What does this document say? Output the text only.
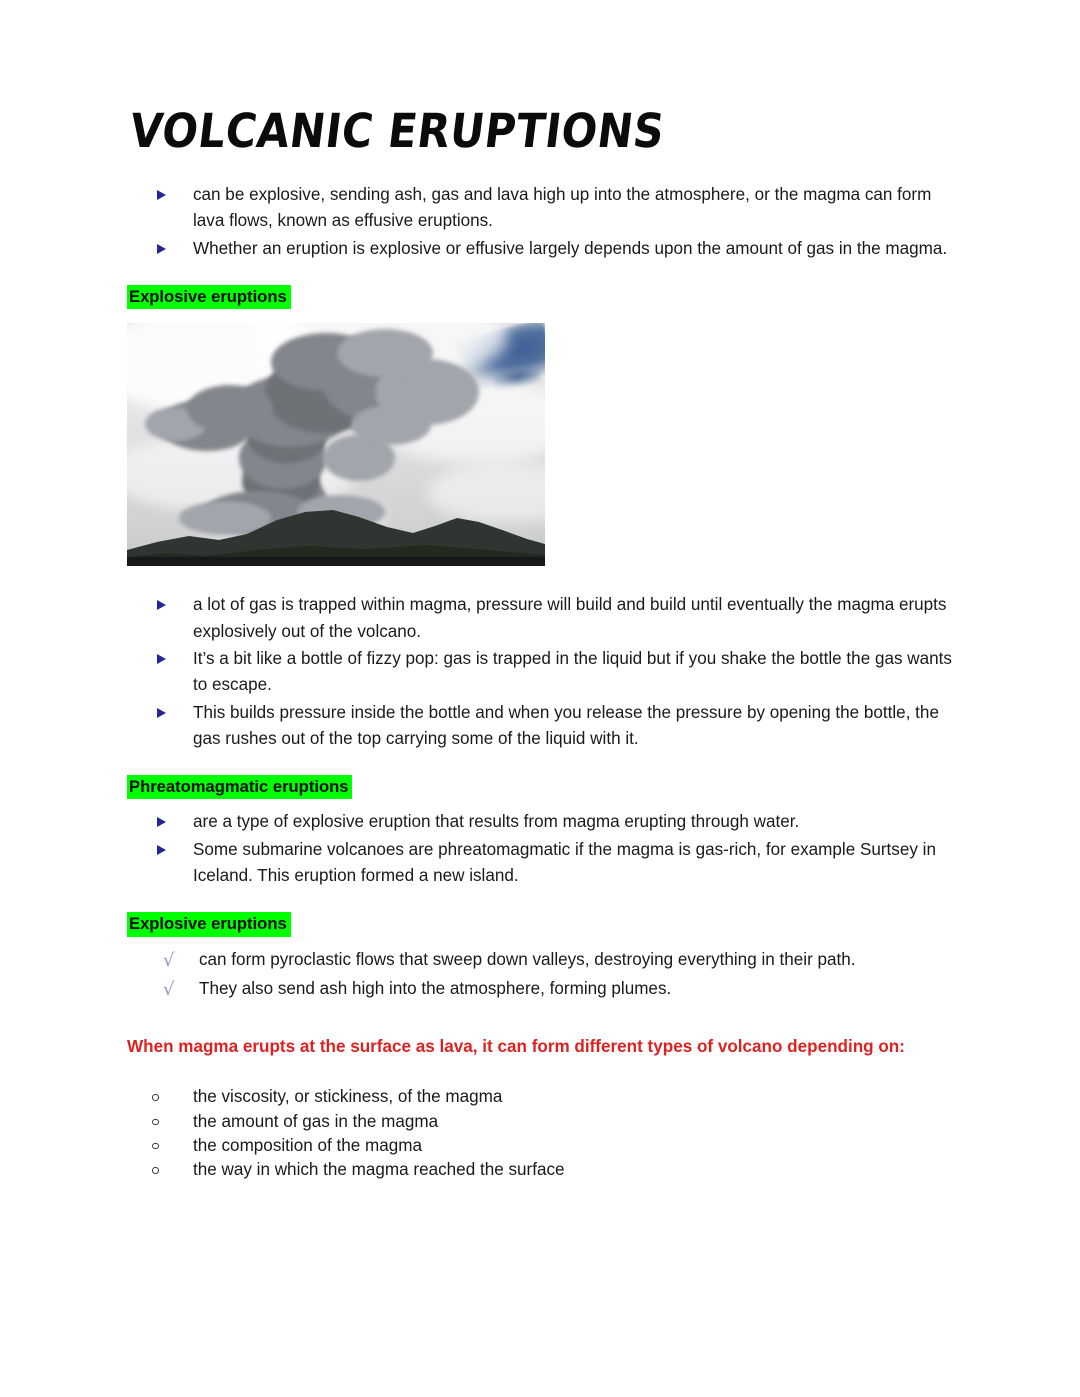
VOLCANIC ERUPTIONS
can be explosive, sending ash, gas and lava high up into the atmosphere, or the magma can form lava flows, known as effusive eruptions.
Whether an eruption is explosive or effusive largely depends upon the amount of gas in the magma.
Explosive eruptions
a lot of gas is trapped within magma, pressure will build and build until eventually the magma erupts explosively out of the volcano.
It’s a bit like a bottle of fizzy pop: gas is trapped in the liquid but if you shake the bottle the gas wants to escape.
This builds pressure inside the bottle and when you release the pressure by opening the bottle, the gas rushes out of the top carrying some of the liquid with it.
Phreatomagmatic eruptions
are a type of explosive eruption that results from magma erupting through water.
Some submarine volcanoes are phreatomagmatic if the magma is gas-rich, for example Surtsey in Iceland. This eruption formed a new island.
Explosive eruptions
√ can form pyroclastic flows that sweep down valleys, destroying everything in their path.
√ They also send ash high into the atmosphere, forming plumes.

When magma erupts at the surface as lava, it can form different types of volcano depending on:

the viscosity, or stickiness, of the magma
the amount of gas in the magma
the composition of the magma
the way in which the magma reached the surface
